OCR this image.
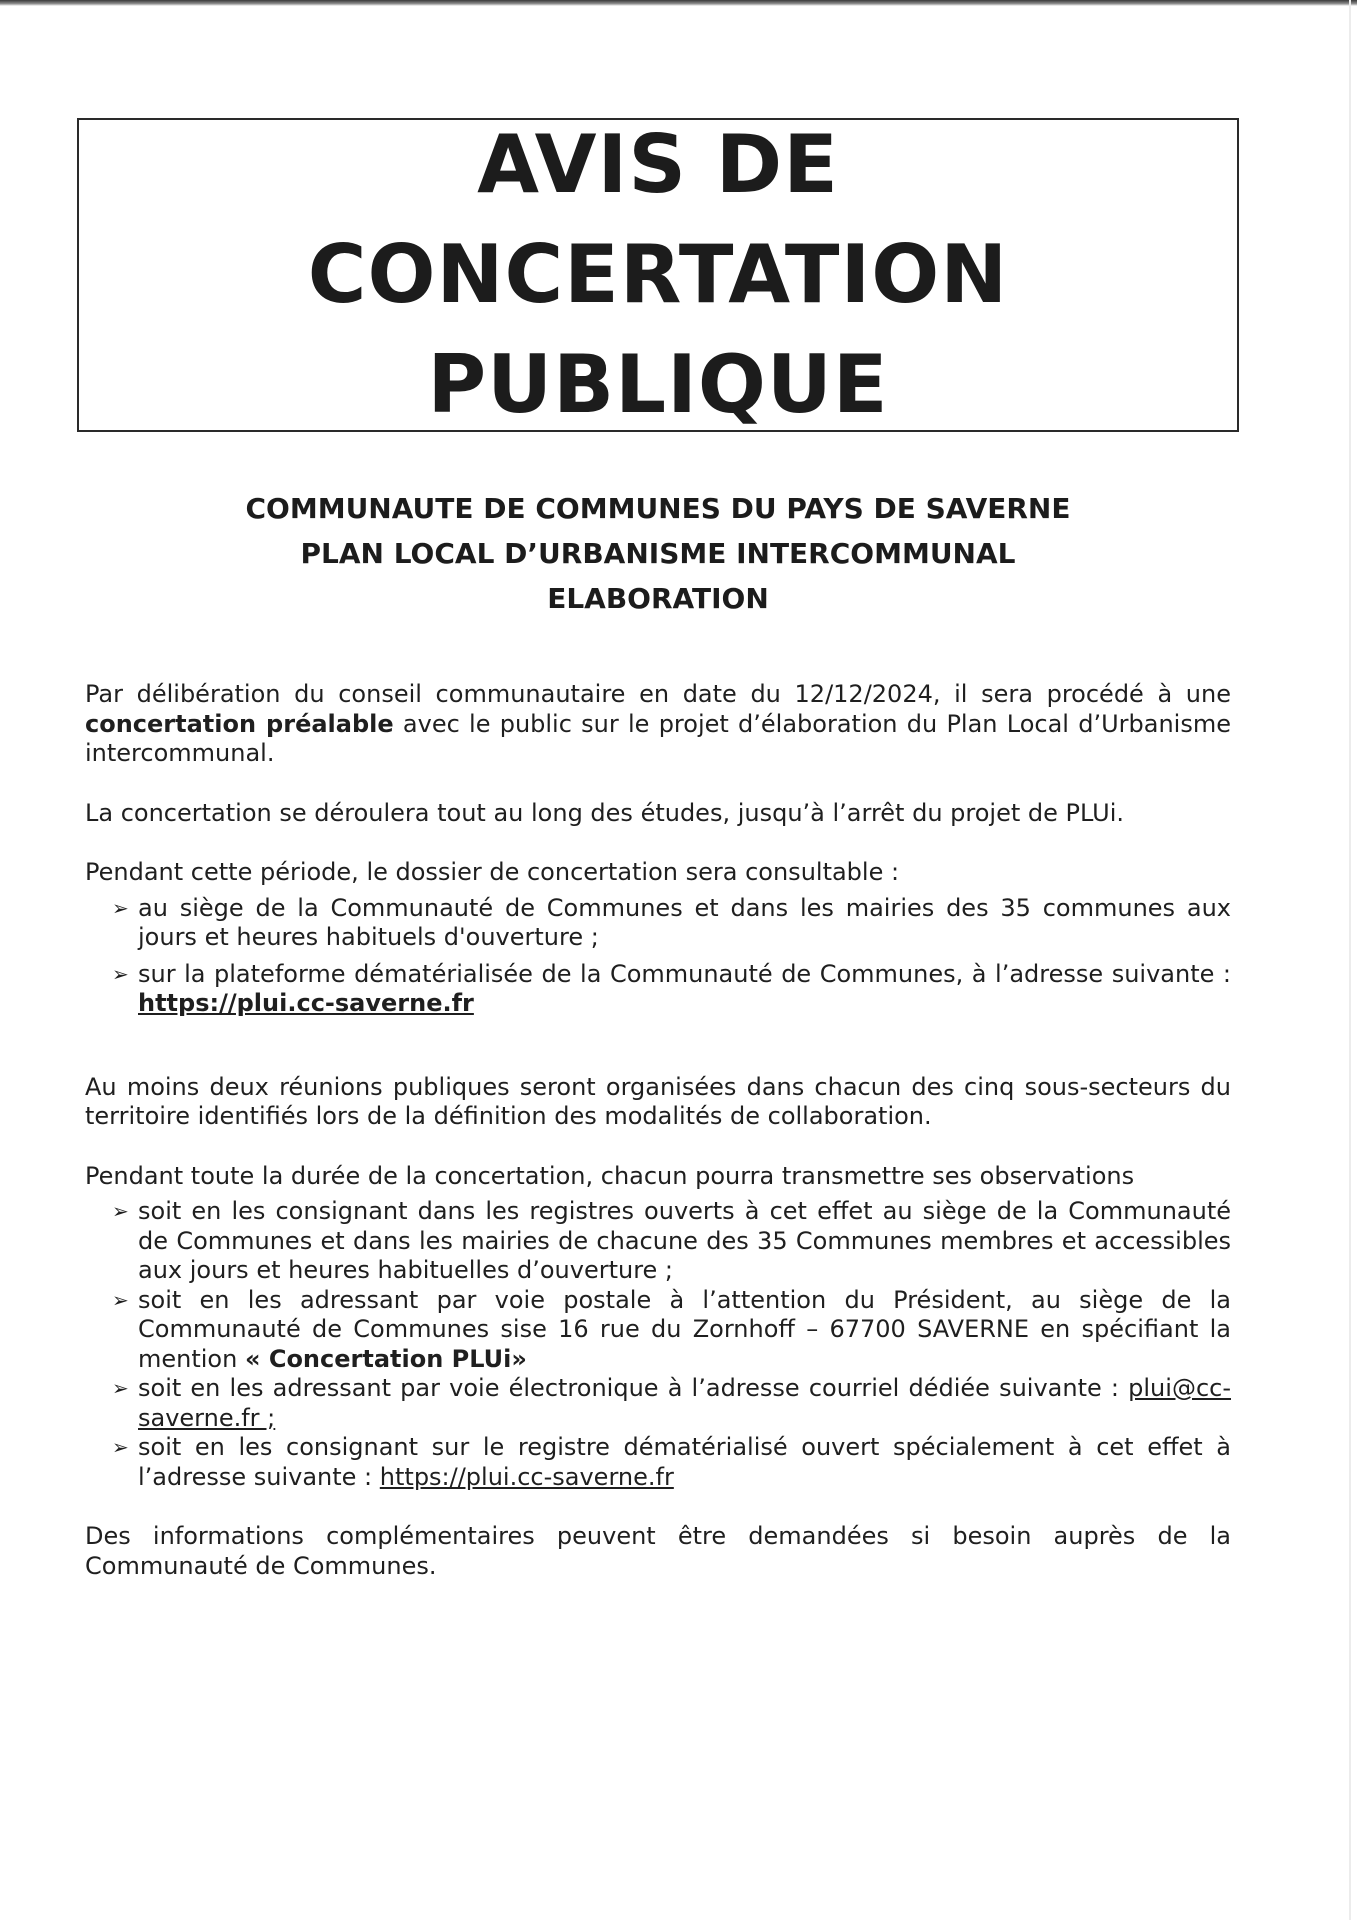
AVIS DE
CONCERTATION
PUBLIQUE
COMMUNAUTE DE COMMUNES DU PAYS DE SAVERNE
PLAN LOCAL D’URBANISME INTERCOMMUNAL
ELABORATION

Par délibération du conseil communautaire en date du 12/12/2024, il sera procédé à une concertation préalable avec le public sur le projet d’élaboration du Plan Local d’Urbanisme intercommunal.

La concertation se déroulera tout au long des études, jusqu’à l’arrêt du projet de PLUi.

Pendant cette période, le dossier de concertation sera consultable :

➢ au siège de la Communauté de Communes et dans les mairies des 35 communes aux jours et heures habituels d'ouverture ;
➢ sur la plateforme dématérialisée de la Communauté de Communes, à l’adresse suivante : https://plui.cc-saverne.fr

Au moins deux réunions publiques seront organisées dans chacun des cinq sous-secteurs du territoire identifiés lors de la définition des modalités de collaboration.

Pendant toute la durée de la concertation, chacun pourra transmettre ses observations

➢ soit en les consignant dans les registres ouverts à cet effet au siège de la Communauté de Communes et dans les mairies de chacune des 35 Communes membres et accessibles aux jours et heures habituelles d’ouverture ;
➢ soit en les adressant par voie postale à l’attention du Président, au siège de la Communauté de Communes sise 16 rue du Zornhoff – 67700 SAVERNE en spécifiant la mention « Concertation PLUi»
➢ soit en les adressant par voie électronique à l’adresse courriel dédiée suivante : plui@cc-saverne.fr ;
➢ soit en les consignant sur le registre dématérialisé ouvert spécialement à cet effet à l’adresse suivante : https://plui.cc-saverne.fr

Des informations complémentaires peuvent être demandées si besoin auprès de la Communauté de Communes.
